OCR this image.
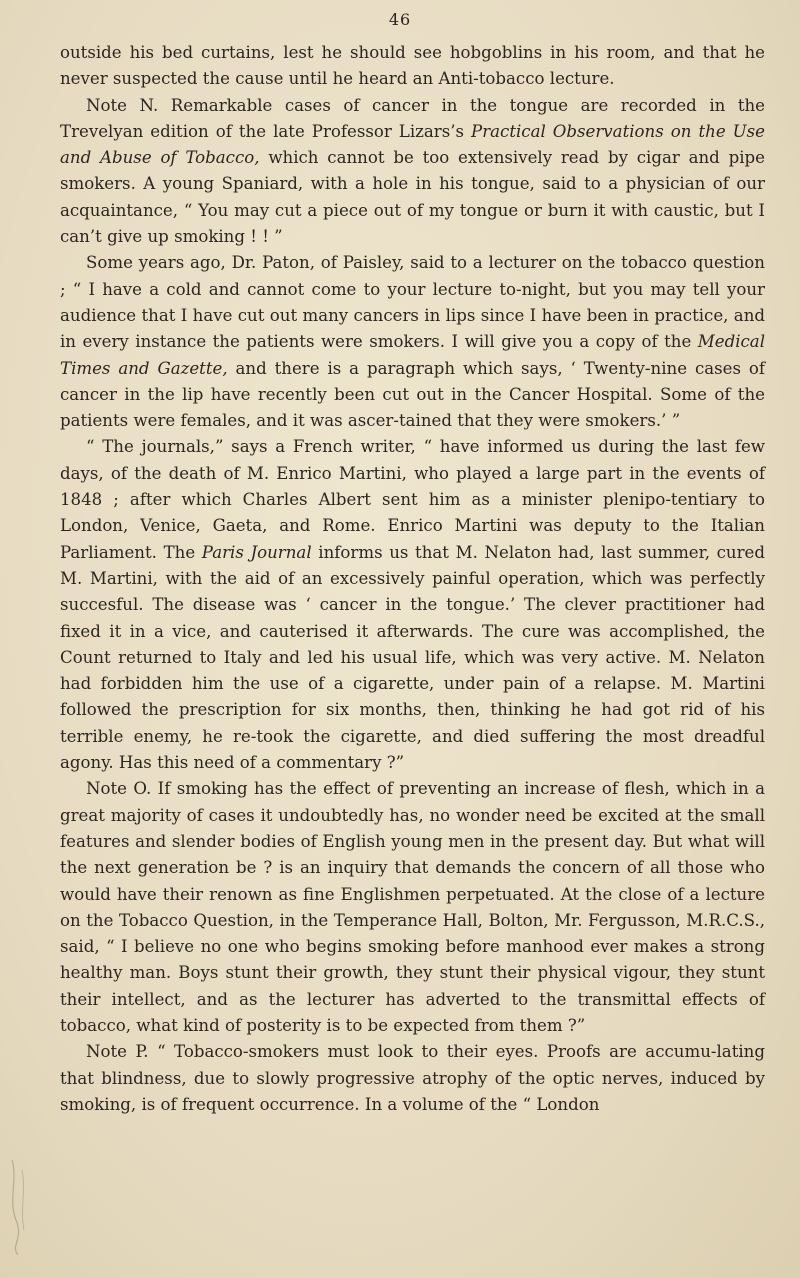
46

outside his bed curtains, lest he should see hobgoblins in his room, and that he never suspected the cause until he heard an Anti-tobacco lecture.

Note N. Remarkable cases of cancer in the tongue are recorded in the Trevelyan edition of the late Professor Lizars’s Practical Observations on the Use and Abuse of Tobacco, which cannot be too extensively read by cigar and pipe smokers. A young Spaniard, with a hole in his tongue, said to a physician of our acquaintance, “ You may cut a piece out of my tongue or burn it with caustic, but I can’t give up smoking ! ! ”

Some years ago, Dr. Paton, of Paisley, said to a lecturer on the tobacco question ; “ I have a cold and cannot come to your lecture to-night, but you may tell your audience that I have cut out many cancers in lips since I have been in practice, and in every instance the patients were smokers. I will give you a copy of the Medical Times and Gazette, and there is a paragraph which says, ‘ Twenty-nine cases of cancer in the lip have recently been cut out in the Cancer Hospital. Some of the patients were females, and it was ascer-tained that they were smokers.’ ”

“ The journals,” says a French writer, “ have informed us during the last few days, of the death of M. Enrico Martini, who played a large part in the events of 1848 ; after which Charles Albert sent him as a minister plenipo-tentiary to London, Venice, Gaeta, and Rome. Enrico Martini was deputy to the Italian Parliament. The Paris Journal informs us that M. Nelaton had, last summer, cured M. Martini, with the aid of an excessively painful operation, which was perfectly succesful. The disease was ‘ cancer in the tongue.’ The clever practitioner had fixed it in a vice, and cauterised it afterwards. The cure was accomplished, the Count returned to Italy and led his usual life, which was very active. M. Nelaton had forbidden him the use of a cigarette, under pain of a relapse. M. Martini followed the prescription for six months, then, thinking he had got rid of his terrible enemy, he re-took the cigarette, and died suffering the most dreadful agony. Has this need of a commentary ?”

Note O. If smoking has the effect of preventing an increase of flesh, which in a great majority of cases it undoubtedly has, no wonder need be excited at the small features and slender bodies of English young men in the present day. But what will the next generation be ? is an inquiry that demands the concern of all those who would have their renown as fine Englishmen perpetuated. At the close of a lecture on the Tobacco Question, in the Temperance Hall, Bolton, Mr. Fergusson, M.R.C.S., said, “ I believe no one who begins smoking before manhood ever makes a strong healthy man. Boys stunt their growth, they stunt their physical vigour, they stunt their intellect, and as the lecturer has adverted to the transmittal effects of tobacco, what kind of posterity is to be expected from them ?”

Note P. “ Tobacco-smokers must look to their eyes. Proofs are accumu-lating that blindness, due to slowly progressive atrophy of the optic nerves, induced by smoking, is of frequent occurrence. In a volume of the “ London
